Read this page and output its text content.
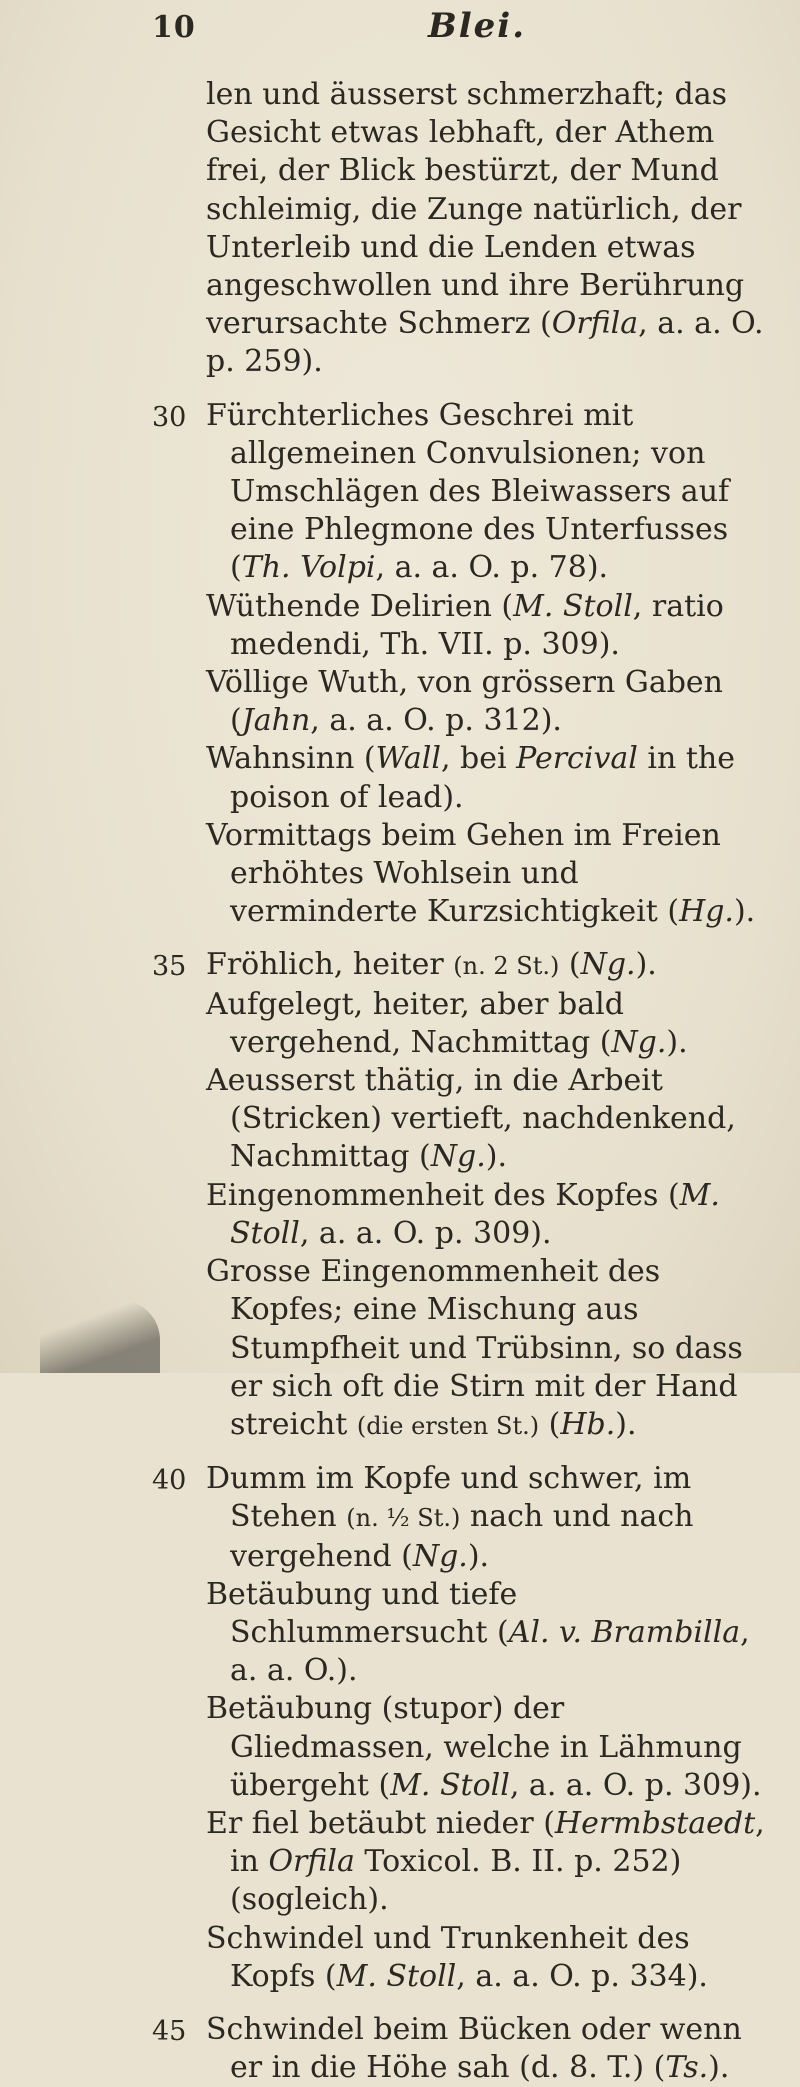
10	Blei.

len und äusserst schmerzhaft; das Gesicht etwas lebhaft, der Athem frei, der Blick bestürzt, der Mund schleimig, die Zunge natürlich, der Unterleib und die Lenden etwas angeschwollen und ihre Berührung verursachte Schmerz (Orfila, a. a. O. p. 259).

30 Fürchterliches Geschrei mit allgemeinen Convulsionen; von Umschlägen des Bleiwassers auf eine Phlegmone des Unterfusses (Th. Volpi, a. a. O. p. 78).

Wüthende Delirien (M. Stoll, ratio medendi, Th. VII. p. 309).

Völlige Wuth, von grössern Gaben (Jahn, a. a. O. p. 312).

Wahnsinn (Wall, bei Percival in the poison of lead).

Vormittags beim Gehen im Freien erhöhtes Wohlsein und verminderte Kurzsichtigkeit (Hg.).

35 Fröhlich, heiter (n. 2 St.) (Ng.).

Aufgelegt, heiter, aber bald vergehend, Nachmittag (Ng.).

Aeusserst thätig, in die Arbeit (Stricken) vertieft, nachdenkend, Nachmittag (Ng.).

Eingenommenheit des Kopfes (M. Stoll, a. a. O. p. 309).

Grosse Eingenommenheit des Kopfes; eine Mischung aus Stumpfheit und Trübsinn, so dass er sich oft die Stirn mit der Hand streicht (die ersten St.) (Hb.).

40 Dumm im Kopfe und schwer, im Stehen (n. ½ St.) nach und nach vergehend (Ng.).

Betäubung und tiefe Schlummersucht (Al. v. Brambilla, a. a. O.).

Betäubung (stupor) der Gliedmassen, welche in Lähmung übergeht (M. Stoll, a. a. O. p. 309).

Er fiel betäubt nieder (Hermbstaedt, in Orfila Toxicol. B. II. p. 252) (sogleich).

Schwindel und Trunkenheit des Kopfs (M. Stoll, a. a. O. p. 334).

45 Schwindel beim Bücken oder wenn er in die Höhe sah (d. 8. T.) (Ts.).
